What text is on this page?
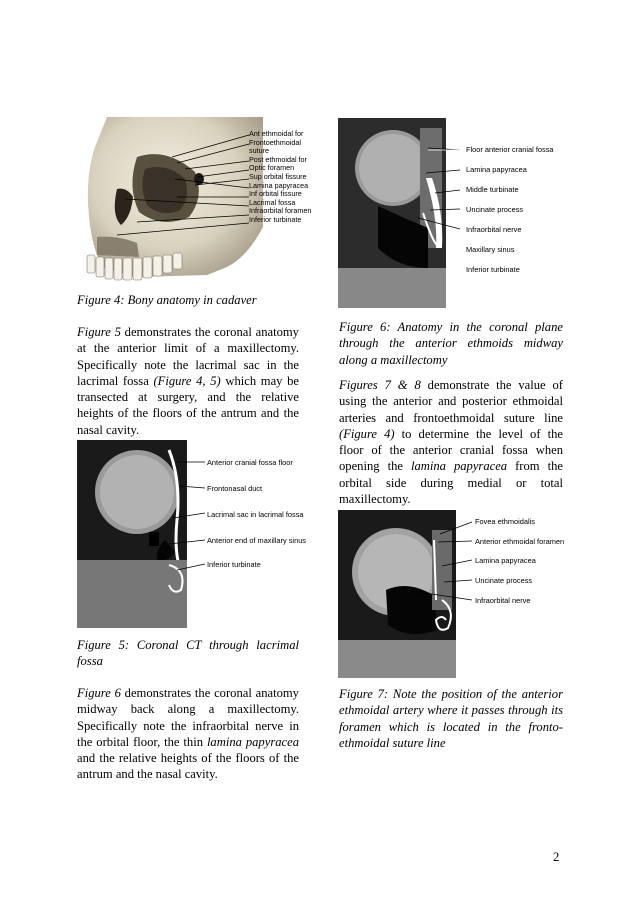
Ant ethmoidal for
Frontoethmoidal
suture
Post ethmoidal for
Optic foramen
Sup orbital fissure
Lamina papyracea
Inf orbital fissure
Lacrimal fossa
Infraorbital foramen
Inferior turbinate

Figure 4: Bony anatomy in cadaver

Floor anterior cranial fossa
Lamina papyracea
Middle turbinate
Uncinate process
Infraorbital nerve
Maxillary sinus
Inferior turbinate

Figure 5 demonstrates the coronal anatomy at the anterior limit of a maxillectomy. Specifically note the lacrimal sac in the lacrimal fossa (Figure 4, 5) which may be transected at surgery, and the relative heights of the floors of the antrum and the nasal cavity.

Figure 6: Anatomy in the coronal plane through the anterior ethmoids midway along a maxillectomy

Figures 7 & 8 demonstrate the value of using the anterior and posterior ethmoidal arteries and frontoethmoidal suture line (Figure 4) to determine the level of the floor of the anterior cranial fossa when opening the lamina papyracea from the orbital side during medial or total maxillectomy.

Anterior cranial fossa floor
Frontonasal duct
Lacrimal sac in lacrimal fossa
Anterior end of maxillary sinus
Inferior turbinate
Fovea ethmoidalis
Anterior ethmoidal foramen
Lamina papyracea
Uncinate process
Infraorbital nerve

Figure 5: Coronal CT through lacrimal fossa

Figure 7: Note the position of the anterior ethmoidal artery where it passes through its foramen which is located in the fronto-ethmoidal suture line

Figure 6 demonstrates the coronal anatomy midway back along a maxillectomy. Specifically note the infraorbital nerve in the orbital floor, the thin lamina papyracea and the relative heights of the floors of the antrum and the nasal cavity.

2
